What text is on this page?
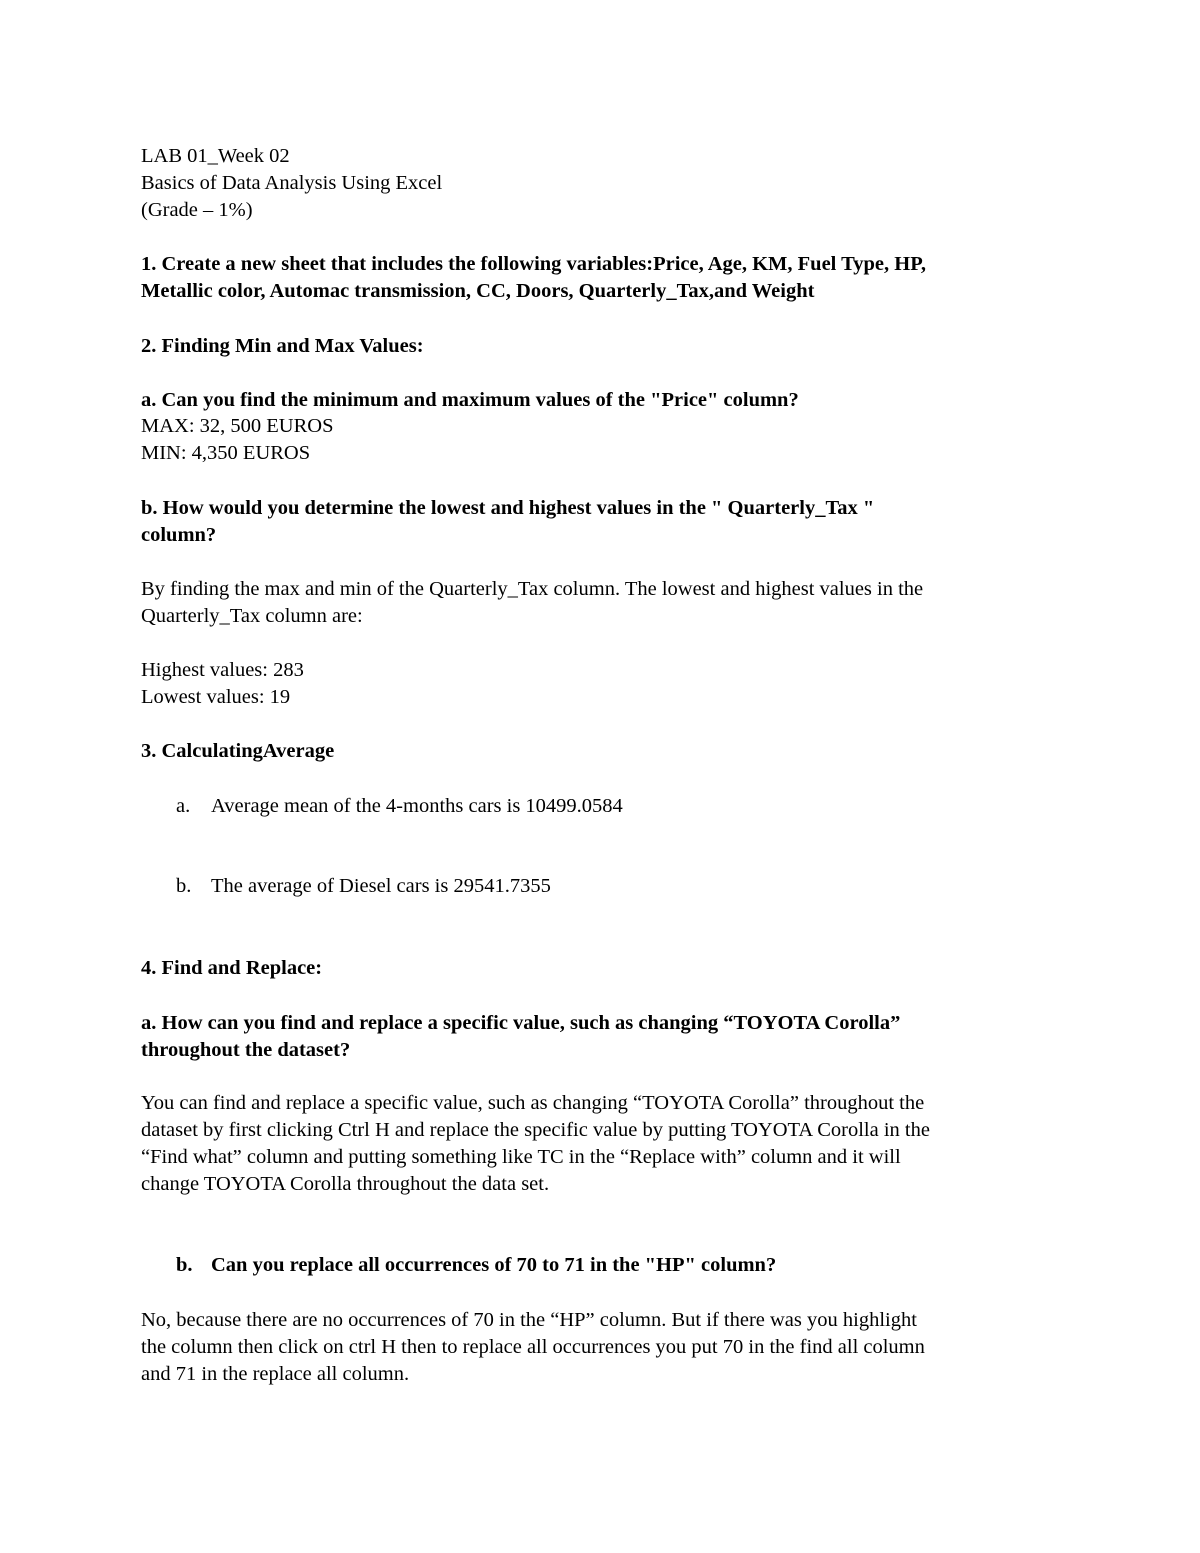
LAB 01_Week 02
Basics of Data Analysis Using Excel
(Grade – 1%)
1. Create a new sheet that includes the following variables:Price, Age, KM, Fuel Type, HP,
Metallic color, Automac transmission, CC, Doors, Quarterly_Tax,and Weight
2. Finding Min and Max Values:
a. Can you find the minimum and maximum values of the "Price" column?
MAX: 32, 500 EUROS
MIN: 4,350 EUROS
b. How would you determine the lowest and highest values in the " Quarterly_Tax "
column?
By finding the max and min of the Quarterly_Tax column. The lowest and highest values in the
Quarterly_Tax column are:
Highest values: 283
Lowest values: 19
3. CalculatingAverage
a. Average mean of the 4-months cars is 10499.0584
b. The average of Diesel cars is 29541.7355
4. Find and Replace:
a. How can you find and replace a specific value, such as changing “TOYOTA Corolla”
throughout the dataset?
You can find and replace a specific value, such as changing “TOYOTA Corolla” throughout the
dataset by first clicking Ctrl H and replace the specific value by putting TOYOTA Corolla in the
“Find what” column and putting something like TC in the “Replace with” column and it will
change TOYOTA Corolla throughout the data set.
b. Can you replace all occurrences of 70 to 71 in the "HP" column?
No, because there are no occurrences of 70 in the “HP” column. But if there was you highlight
the column then click on ctrl H then to replace all occurrences you put 70 in the find all column
and 71 in the replace all column.
